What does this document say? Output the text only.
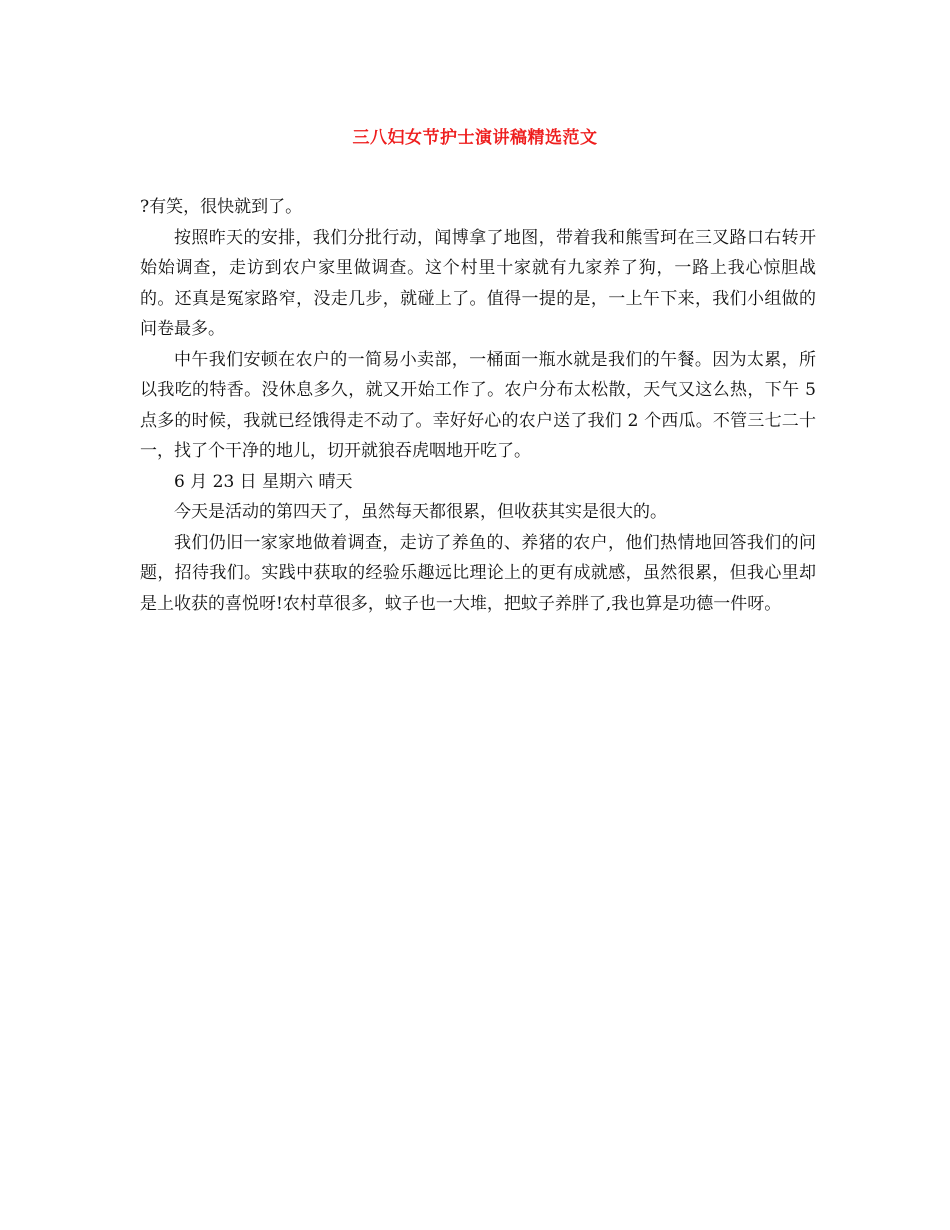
三八妇女节护士演讲稿精选范文

?有笑，很快就到了。

按照昨天的安排，我们分批行动，闻博拿了地图，带着我和熊雪珂在三叉路口右转开始始调查，走访到农户家里做调查。这个村里十家就有九家养了狗，一路上我心惊胆战的。还真是冤家路窄，没走几步，就碰上了。值得一提的是，一上午下来，我们小组做的问卷最多。

中午我们安顿在农户的一简易小卖部，一桶面一瓶水就是我们的午餐。因为太累，所以我吃的特香。没休息多久，就又开始工作了。农户分布太松散，天气又这么热，下午 5 点多的时候，我就已经饿得走不动了。幸好好心的农户送了我们 2 个西瓜。不管三七二十一，找了个干净的地儿，切开就狼吞虎咽地开吃了。

6 月 23 日 星期六 晴天

今天是活动的第四天了，虽然每天都很累，但收获其实是很大的。

我们仍旧一家家地做着调查，走访了养鱼的、养猪的农户，他们热情地回答我们的问题，招待我们。实践中获取的经验乐趣远比理论上的更有成就感，虽然很累，但我心里却是上收获的喜悦呀!农村草很多，蚊子也一大堆，把蚊子养胖了,我也算是功德一件呀。
